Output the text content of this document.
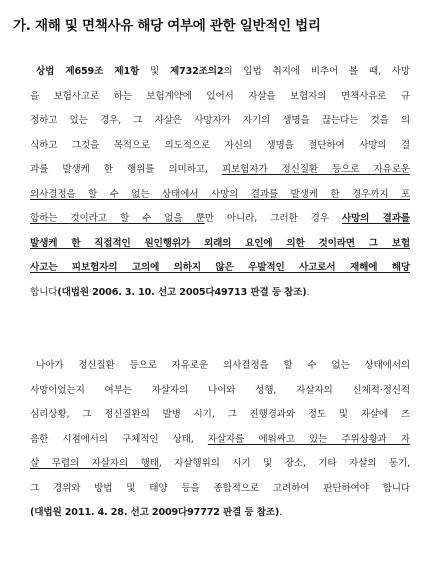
가. 재해 및 면책사유 해당 여부에 관한 일반적인 법리
상법 제659조 제1항 및 제732조의2의 입법 취지에 비추어 볼 때, 사망
을 보험사고로 하는 보험계약에 있어서 자살을 보험자의 면책사유로 규
정하고 있는 경우, 그 자살은 사망자가 자기의 생명을 끊는다는 것을 의
식하고 그것을 목적으로 의도적으로 자신의 생명을 절단하여 사망의 결
과를 발생케 한 행위를 의미하고, 피보험자가 정신질환 등으로 자유로운
의사결정을 할 수 없는 상태에서 사망의 결과를 발생케 한 경우까지 포
함하는 것이라고 할 수 없을 뿐만 아니라, 그러한 경우 사망의 결과를
발생케 한 직접적인 원인행위가 외래의 요인에 의한 것이라면 그 보험
사고는 피보험자의 고의에 의하지 않은 우발적인 사고로서 재해에 해당
합니다(대법원 2006. 3. 10. 선고 2005다49713 판결 등 참조).
나아가 정신질환 등으로 자유로운 의사결정을 할 수 없는 상태에서의
사망이었는지 여부는 자살자의 나이와 성행, 자살자의 신체적·정신적
심리상황, 그 정신질환의 발병 시기, 그 진행경과와 정도 및 자살에 즈
음한 시점에서의 구체적인 상태, 자살자를 에워싸고 있는 주위상황과 자
살 무렵의 자살자의 행태, 자살행위의 시기 및 장소, 기타 자살의 동기,
그 경위와 방법 및 태양 등을 종합적으로 고려하여 판단하여야 합니다
(대법원 2011. 4. 28. 선고 2009다97772 판결 등 참조).
